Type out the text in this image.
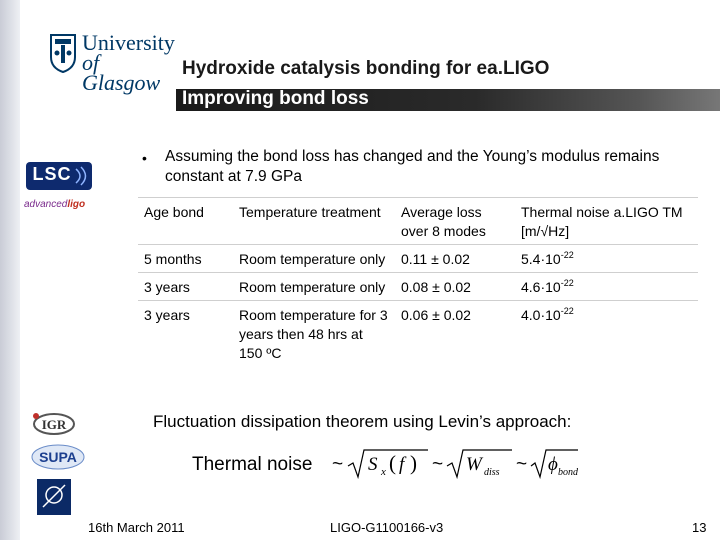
University
of Glasgow
Hydroxide catalysis bonding for ea.LIGO
Improving bond loss
LSC
advancedligo
• Assuming the bond loss has changed and the Young’s modulus remains constant at 7.9 GPa
Age bond	Temperature treatment	Average loss over 8 modes	Thermal noise a.LIGO TM [m/√Hz]
5 months	Room temperature only	0.11 ± 0.02	$5.4\cdot 10^{-22}$
3 years	Room temperature only	0.08 ± 0.02	$4.6\cdot 10^{-22}$
3 years	Room temperature for 3 years then 48 hrs at 150 ºC	0.06 ± 0.02	$4.0\cdot 10^{-22}$
Fluctuation dissipation theorem using Levin’s approach:
Thermal noise ~ S x ( f ) ~ W diss ~ ϕ bond
IGR
SUPA
16th March 2011	LIGO-G1100166-v3	13
